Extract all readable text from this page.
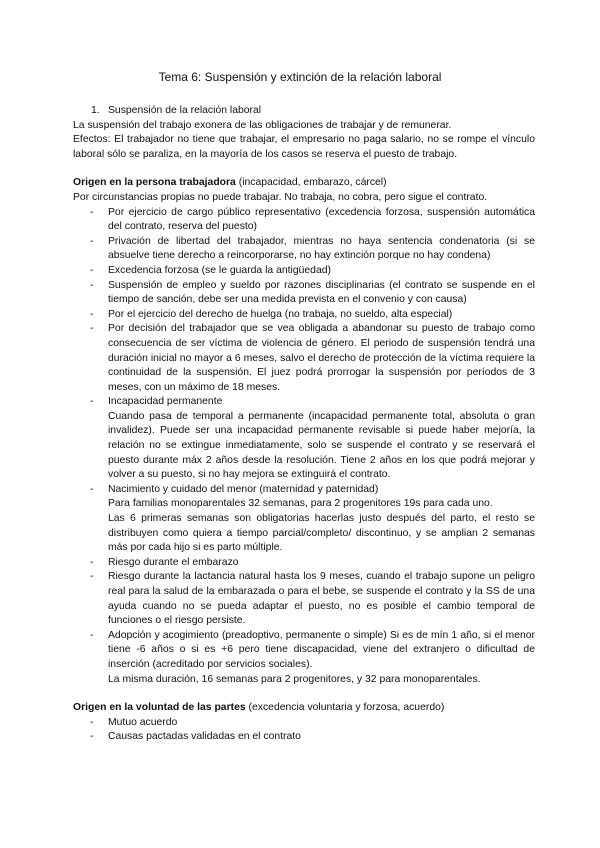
Tema 6: Suspensión y extinción de la relación laboral

1. Suspensión de la relación laboral

La suspensión del trabajo exonera de las obligaciones de trabajar y de remunerar.

Efectos: El trabajador no tiene que trabajar, el empresario no paga salario, no se rompe el vínculo laboral sólo se paraliza, en la mayoría de los casos se reserva el puesto de trabajo.

Origen en la persona trabajadora (incapacidad, embarazo, cárcel)

Por circunstancias propias no puede trabajar. No trabaja, no cobra, pero sigue el contrato.

- Por ejercicio de cargo público representativo (excedencia forzosa, suspensión automática del contrato, reserva del puesto)
- Privación de libertad del trabajador, mientras no haya sentencia condenatoria (si se absuelve tiene derecho a reincorporarse, no hay extinción porque no hay condena)
- Excedencia forzosa (se le guarda la antigüedad)
- Suspensión de empleo y sueldo por razones disciplinarias (el contrato se suspende en el tiempo de sanción, debe ser una medida prevista en el convenio y con causa)
- Por el ejercicio del derecho de huelga (no trabaja, no sueldo, alta especial)
- Por decisión del trabajador que se vea obligada a abandonar su puesto de trabajo como consecuencia de ser víctima de violencia de género. El periodo de suspensión tendrá una duración inicial no mayor a 6 meses, salvo el derecho de protección de la víctima requiere la continuidad de la suspensión. El juez podrá prorrogar la suspensión por períodos de 3 meses, con un máximo de 18 meses.
- Incapacidad permanente
Cuando pasa de temporal a permanente (incapacidad permanente total, absoluta o gran invalidez). Puede ser una incapacidad permanente revisable si puede haber mejoría, la relación no se extingue inmediatamente, solo se suspende el contrato y se reservará el puesto durante máx 2 años desde la resolución. Tiene 2 años en los que podrá mejorar y volver a su puesto, si no hay mejora se extinguirá el contrato.
- Nacimiento y cuidado del menor (maternidad y paternidad)
Para familias monoparentales 32 semanas, para 2 progenitores 19s para cada uno.
Las 6 primeras semanas son obligatorias hacerlas justo después del parto, el resto se distribuyen como quiera a tiempo parcial/completo/ discontinuo, y se amplian 2 semanas más por cada hijo si es parto múltiple.
- Riesgo durante el embarazo
- Riesgo durante la lactancia natural hasta los 9 meses, cuando el trabajo supone un peligro real para la salud de la embarazada o para el bebe, se suspende el contrato y la SS de una ayuda cuando no se pueda adaptar el puesto, no es posible el cambio temporal de funciones o el riesgo persiste.
- Adopción y acogimiento (preadoptivo, permanente o simple) Si es de mín 1 año, si el menor tiene -6 años o si es +6 pero tiene discapacidad, viene del extranjero o dificultad de inserción (acreditado por servicios sociales).
La misma duración, 16 semanas para 2 progenitores, y 32 para monoparentales.

Origen en la voluntad de las partes (excedencia voluntaria y forzosa, acuerdo)

- Mutuo acuerdo
- Causas pactadas validadas en el contrato
